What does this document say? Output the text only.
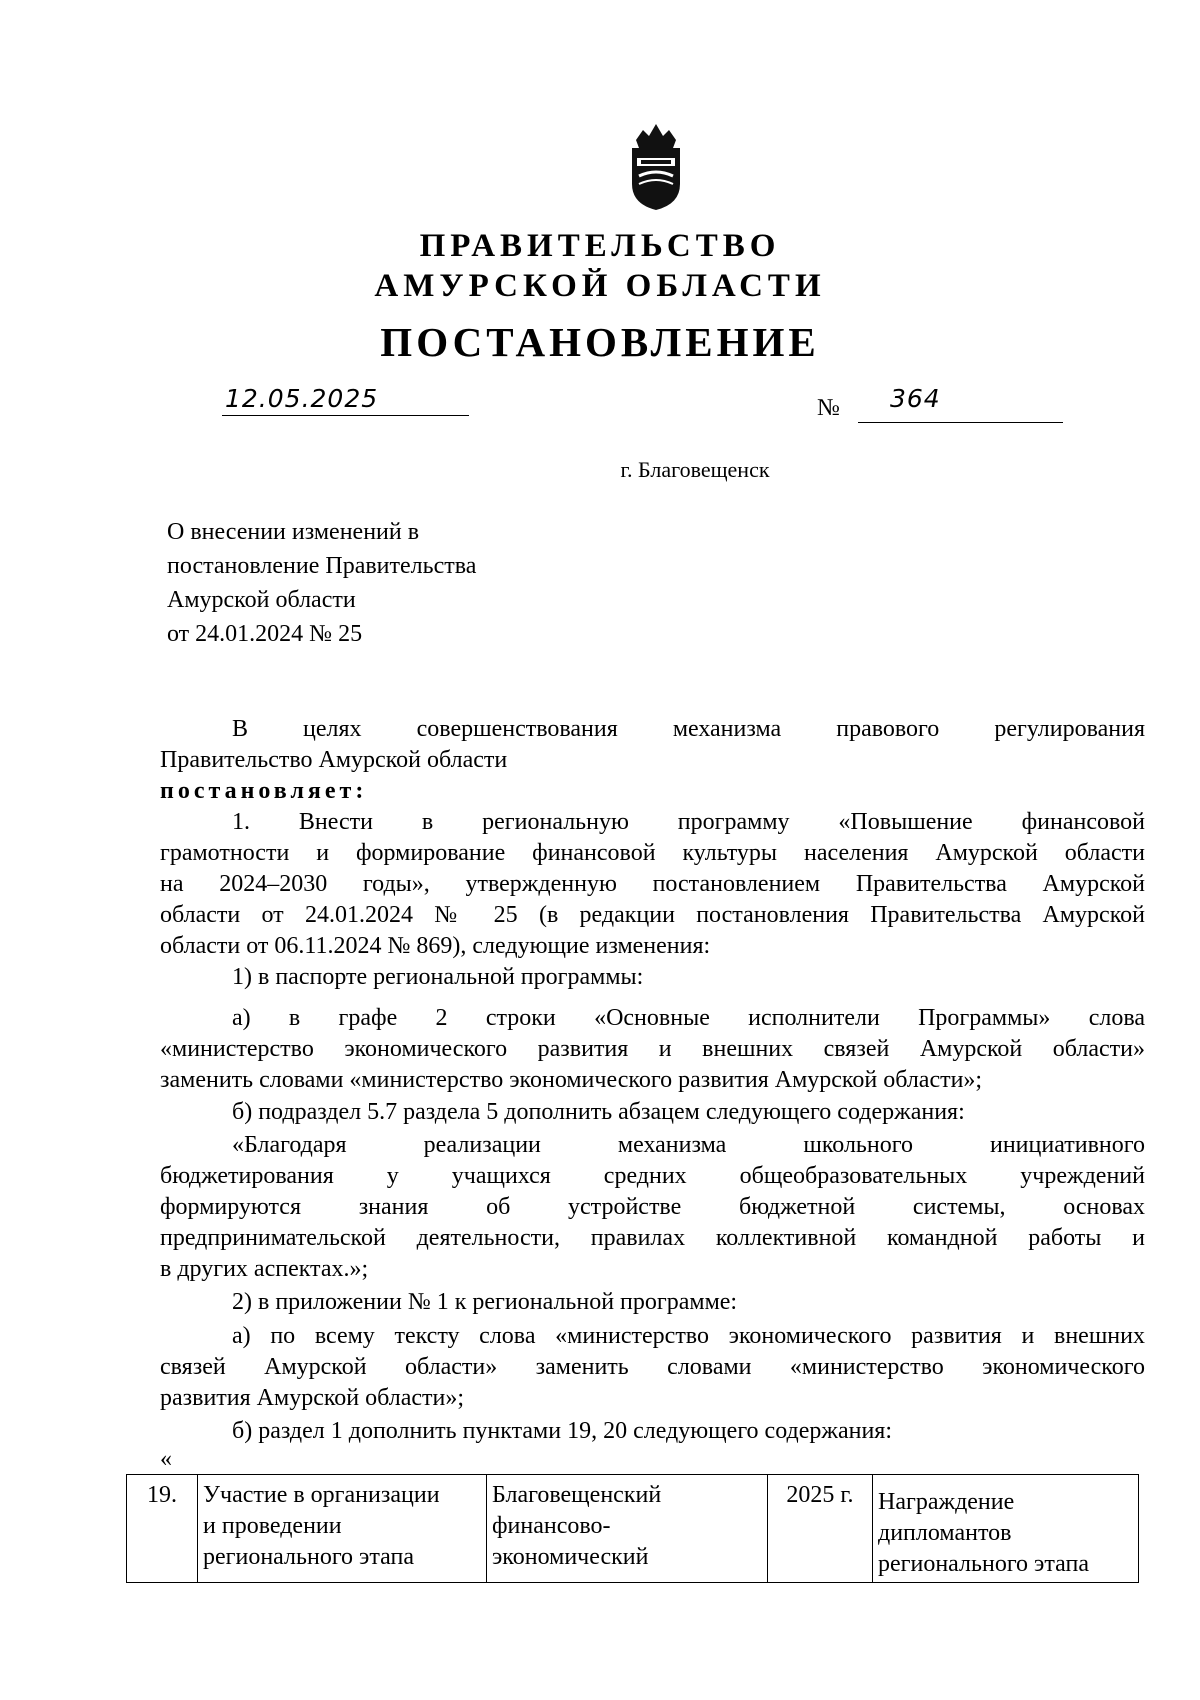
ПРАВИТЕЛЬСТВО
АМУРСКОЙ ОБЛАСТИ
ПОСТАНОВЛЕНИЕ
12.05.2025	№ 364
г. Благовещенск
О внесении изменений в
постановление Правительства
Амурской области
от 24.01.2024 № 25
В целях совершенствования механизма правового регулирования
Правительство Амурской области
постановляет:
1. Внести в региональную программу «Повышение финансовой
грамотности и формирование финансовой культуры населения Амурской области
на 2024–2030 годы», утвержденную постановлением Правительства Амурской
области от 24.01.2024 № 25 (в редакции постановления Правительства Амурской
области от 06.11.2024 № 869), следующие изменения:
1) в паспорте региональной программы:
а) в графе 2 строки «Основные исполнители Программы» слова
«министерство экономического развития и внешних связей Амурской области»
заменить словами «министерство экономического развития Амурской области»;
б) подраздел 5.7 раздела 5 дополнить абзацем следующего содержания:
«Благодаря реализации механизма школьного инициативного
бюджетирования у учащихся средних общеобразовательных учреждений
формируются знания об устройстве бюджетной системы, основах
предпринимательской деятельности, правилах коллективной командной работы и
в других аспектах.»;
2) в приложении № 1 к региональной программе:
а) по всему тексту слова «министерство экономического развития и внешних
связей Амурской области» заменить словами «министерство экономического
развития Амурской области»;
б) раздел 1 дополнить пунктами 19, 20 следующего содержания:
«
19.	Участие в организации
и проведении
регионального этапа	Благовещенский
финансово-
экономический	2025 г.	Награждение
дипломантов
регионального этапа
